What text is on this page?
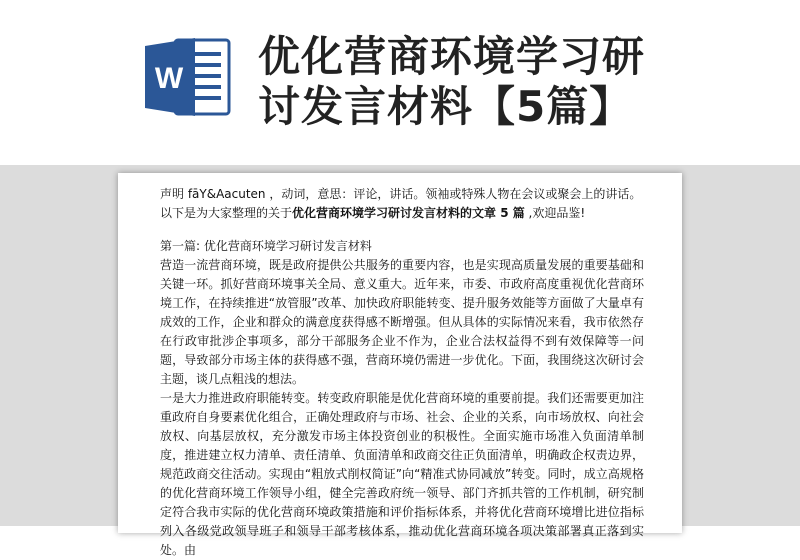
W 优化营商环境学习研
讨发言材料【5篇】

声明 fāY&Aacuten ，动词，意思：评论，讲话。领袖或特殊人物在会议或聚会上的讲话。

以下是为大家整理的关于优化营商环境学习研讨发言材料的文章 5 篇 ,欢迎品鉴!

第一篇: 优化营商环境学习研讨发言材料

营造一流营商环境，既是政府提供公共服务的重要内容，也是实现高质量发展的重要基础和关键一环。抓好营商环境事关全局、意义重大。近年来，市委、市政府高度重视优化营商环境工作，在持续推进“放管服”改革、加快政府职能转变、提升服务效能等方面做了大量卓有成效的工作，企业和群众的满意度获得感不断增强。但从具体的实际情况来看，我市依然存在行政审批涉企事项多，部分干部服务企业不作为，企业合法权益得不到有效保障等一问题，导致部分市场主体的获得感不强，营商环境仍需进一步优化。下面，我围绕这次研讨会主题，谈几点粗浅的想法。

一是大力推进政府职能转变。转变政府职能是优化营商环境的重要前提。我们还需要更加注重政府自身要素优化组合，正确处理政府与市场、社会、企业的关系，向市场放权、向社会放权、向基层放权，充分激发市场主体投资创业的积极性。全面实施市场准入负面清单制度，推进建立权力清单、责任清单、负面清单和政商交往正负面清单，明确政企权责边界，规范政商交往活动。实现由“粗放式削权简证”向“精准式协同减放”转变。同时，成立高规格的优化营商环境工作领导小组，健全完善政府统一领导、部门齐抓共管的工作机制，研究制定符合我市实际的优化营商环境政策措施和评价指标体系，并将优化营商环境增比进位指标列入各级党政领导班子和领导干部考核体系，推动优化营商环境各项决策部署真正落到实处。由
